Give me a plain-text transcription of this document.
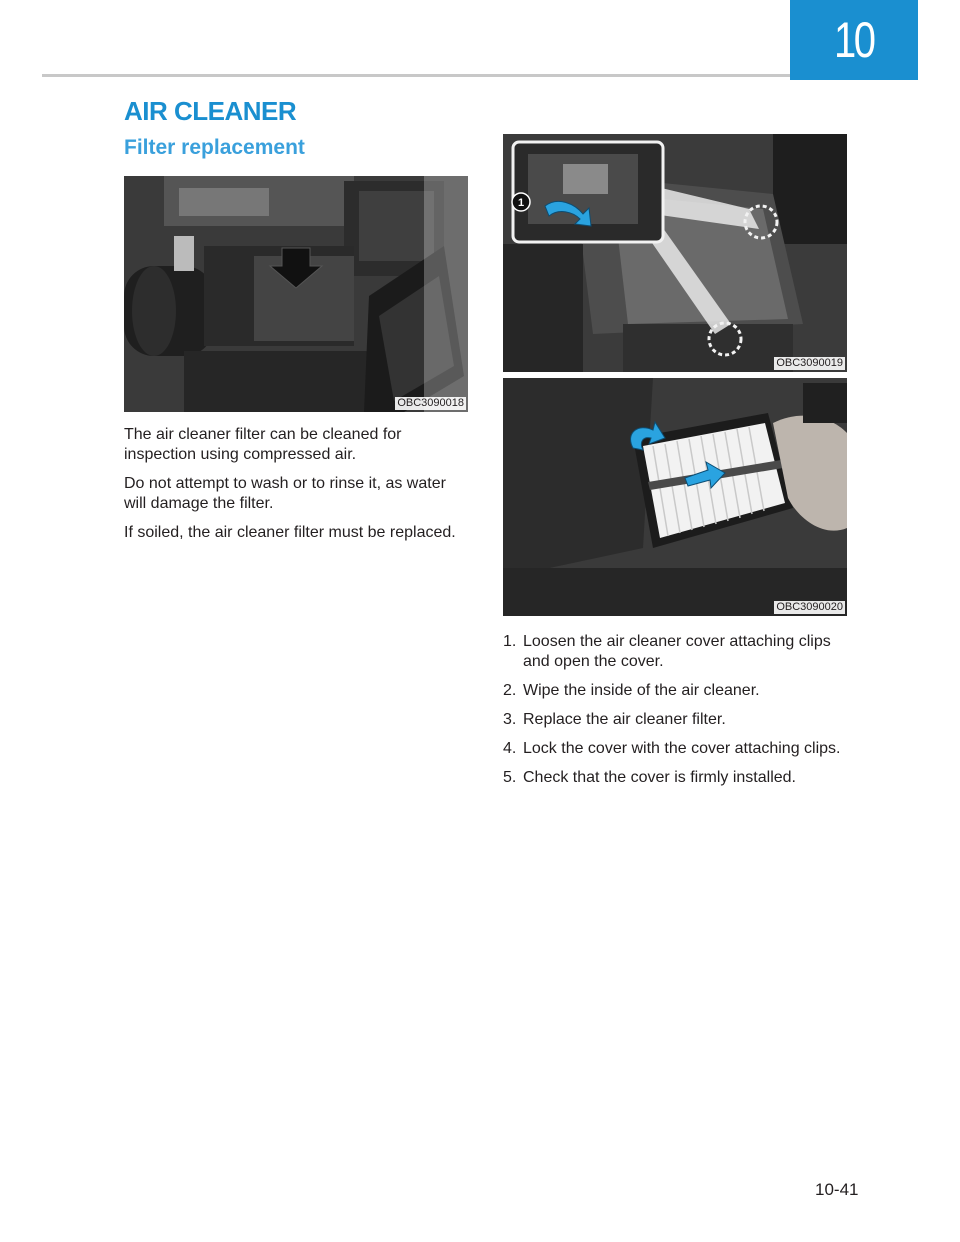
10
AIR CLEANER
Filter replacement
OBC3090018
1
OBC3090019
OBC3090020

The air cleaner filter can be cleaned for inspection using compressed air.

Do not attempt to wash or to rinse it, as water will damage the filter.

If soiled, the air cleaner filter must be replaced.

1. Loosen the air cleaner cover attaching clips and open the cover.
2. Wipe the inside of the air cleaner.
3. Replace the air cleaner filter.
4. Lock the cover with the cover attaching clips.
5. Check that the cover is firmly installed.
10-41
